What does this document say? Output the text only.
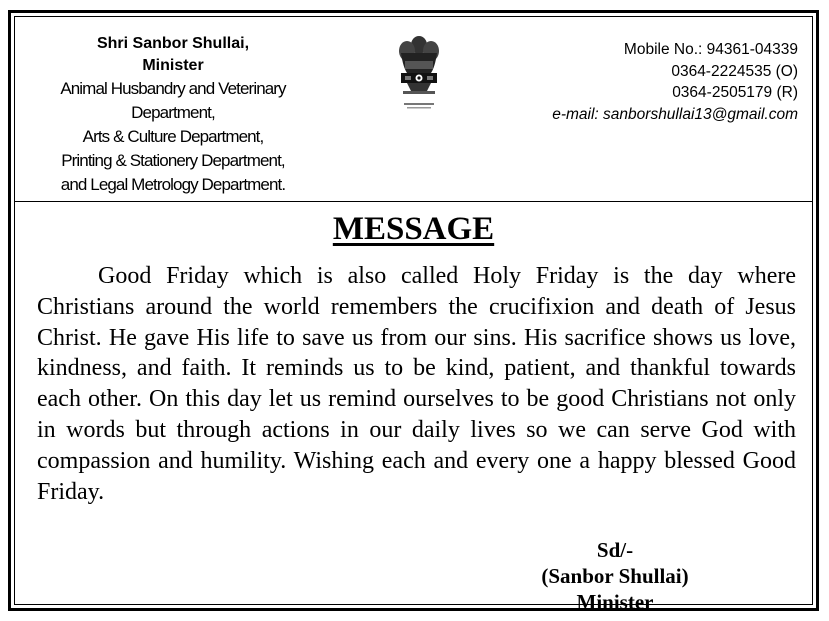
Shri Sanbor Shullai,
Minister
Animal Husbandry and Veterinary
Department,
Arts & Culture Department,
Printing & Stationery Department,
and Legal Metrology Department.
Mobile No.: 94361-04339
0364-2224535 (O)
0364-2505179 (R)
e-mail: sanborshullai13@gmail.com
MESSAGE

Good Friday which is also called Holy Friday is the day where Christians around the world remembers the crucifixion and death of Jesus Christ. He gave His life to save us from our sins. His sacrifice shows us love, kindness, and faith. It reminds us to be kind, patient, and thankful towards each other. On this day let us remind ourselves to be good Christians not only in words but through actions in our daily lives so we can serve God with compassion and humility. Wishing each and every one a happy blessed Good Friday.

Sd/-
(Sanbor Shullai)
Minister
